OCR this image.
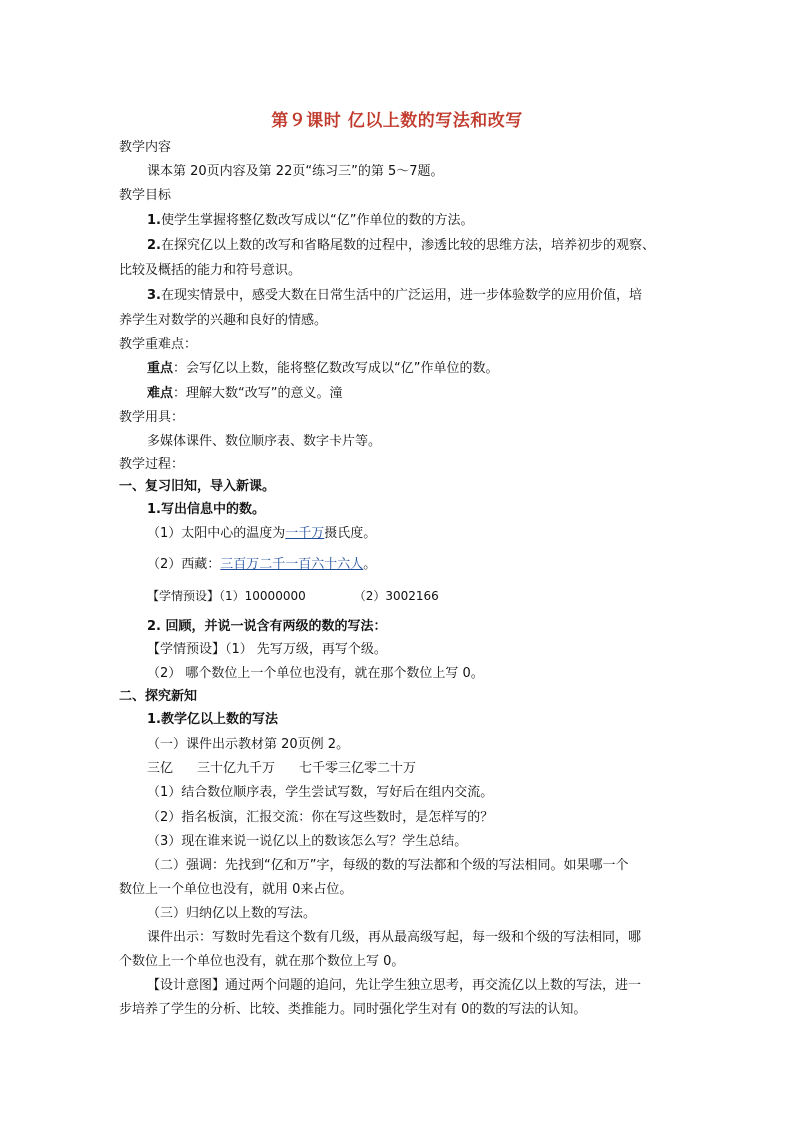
第９课时 亿以上数的写法和改写
教学内容
课本第 20页内容及第 22页“练习三”的第 5～7题。
教学目标
1.使学生掌握将整亿数改写成以“亿”作单位的数的方法。
2.在探究亿以上数的改写和省略尾数的过程中，渗透比较的思维方法，培养初步的观察、
比较及概括的能力和符号意识。
3.在现实情景中，感受大数在日常生活中的广泛运用，进一步体验数学的应用价值，培
养学生对数学的兴趣和良好的情感。
教学重难点：
重点：会写亿以上数，能将整亿数改写成以“亿”作单位的数。
难点：理解大数“改写”的意义。潼
教学用具：
多媒体课件、数位顺序表、数字卡片等。
教学过程：
一、复习旧知，导入新课。
1.写出信息中的数。
（1）太阳中心的温度为一千万摄氏度。
（2）西藏：三百万二千一百六十六人。
【学情预设】（1）10000000	（2）3002166
2. 回顾，并说一说含有两级的数的写法：
【学情预设】（1） 先写万级，再写个级。
（2） 哪个数位上一个单位也没有，就在那个数位上写 0。
二、探究新知
1.教学亿以上数的写法
（一）课件出示教材第 20页例 2。
三亿 三十亿九千万 七千零三亿零二十万
（1）结合数位顺序表，学生尝试写数，写好后在组内交流。
（2）指名板演，汇报交流：你在写这些数时，是怎样写的？
（3）现在谁来说一说亿以上的数该怎么写？学生总结。
（二）强调：先找到“亿和万”字，每级的数的写法都和个级的写法相同。如果哪一个
数位上一个单位也没有，就用 0来占位。
（三）归纳亿以上数的写法。
课件出示：写数时先看这个数有几级，再从最高级写起，每一级和个级的写法相同，哪
个数位上一个单位也没有，就在那个数位上写 0。
【设计意图】通过两个问题的追问，先让学生独立思考，再交流亿以上数的写法，进一
步培养了学生的分析、比较、类推能力。同时强化学生对有 0的数的写法的认知。
